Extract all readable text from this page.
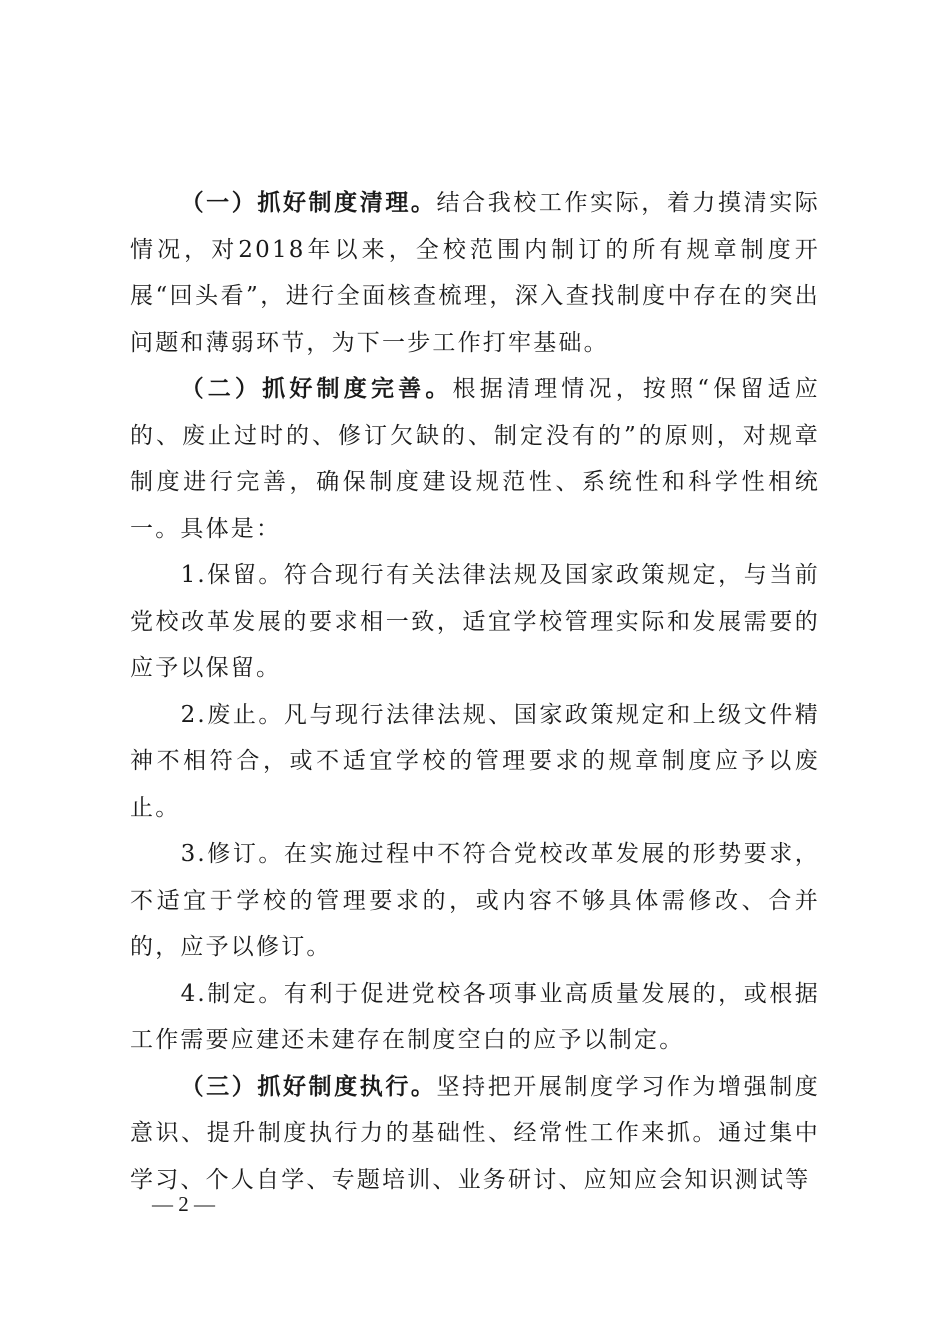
（一）抓好制度清理。结合我校工作实际，着力摸清实际情况，对2018年以来，全校范围内制订的所有规章制度开展“回头看”，进行全面核查梳理，深入查找制度中存在的突出问题和薄弱环节，为下一步工作打牢基础。

（二）抓好制度完善。根据清理情况，按照“保留适应的、废止过时的、修订欠缺的、制定没有的”的原则，对规章制度进行完善，确保制度建设规范性、系统性和科学性相统一。具体是：

1.保留。符合现行有关法律法规及国家政策规定，与当前党校改革发展的要求相一致，适宜学校管理实际和发展需要的应予以保留。

2.废止。凡与现行法律法规、国家政策规定和上级文件精神不相符合，或不适宜学校的管理要求的规章制度应予以废止。

3.修订。在实施过程中不符合党校改革发展的形势要求，不适宜于学校的管理要求的，或内容不够具体需修改、合并的，应予以修订。

4.制定。有利于促进党校各项事业高质量发展的，或根据工作需要应建还未建存在制度空白的应予以制定。

（三）抓好制度执行。坚持把开展制度学习作为增强制度意识、提升制度执行力的基础性、经常性工作来抓。通过集中学习、个人自学、专题培训、业务研讨、应知应会知识测试等

— 2 —
